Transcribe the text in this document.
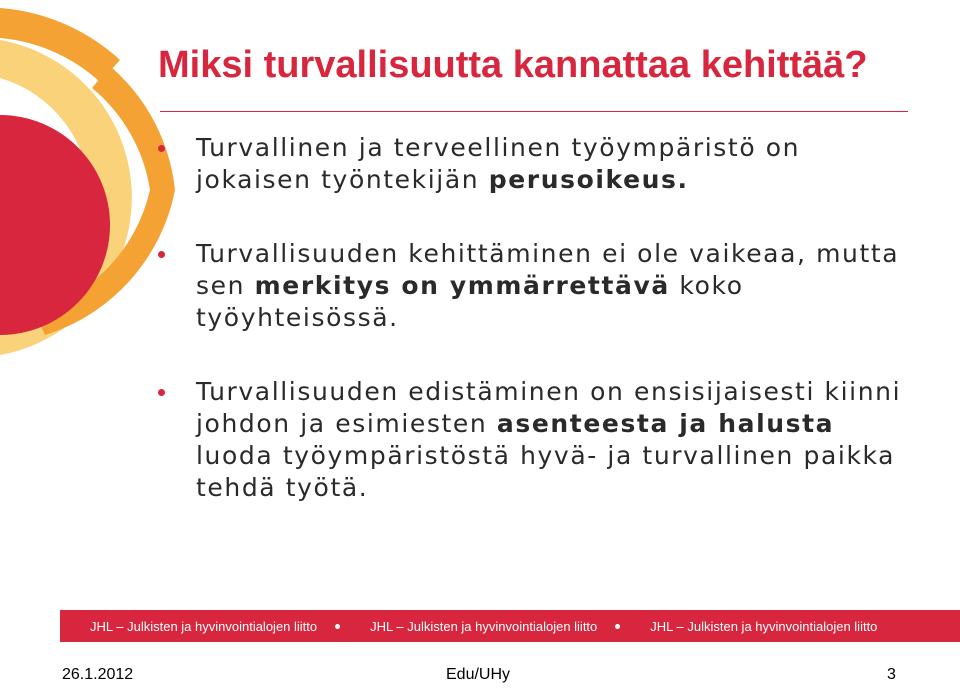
Miksi turvallisuutta kannattaa kehittää?
Turvallinen ja terveellinen työympäristö on jokaisen työntekijän perusoikeus.
Turvallisuuden kehittäminen ei ole vaikeaa, mutta sen merkitys on ymmärrettävä koko työyhteisössä.
Turvallisuuden edistäminen on ensisijaisesti kiinni johdon ja esimiesten asenteesta ja halusta luoda työympäristöstä hyvä- ja turvallinen paikka tehdä työtä.
JHL – Julkisten ja hyvinvointialojen liitto	JHL – Julkisten ja hyvinvointialojen liitto	JHL – Julkisten ja hyvinvointialojen liitto
26.1.2012	Edu/UHy	3
